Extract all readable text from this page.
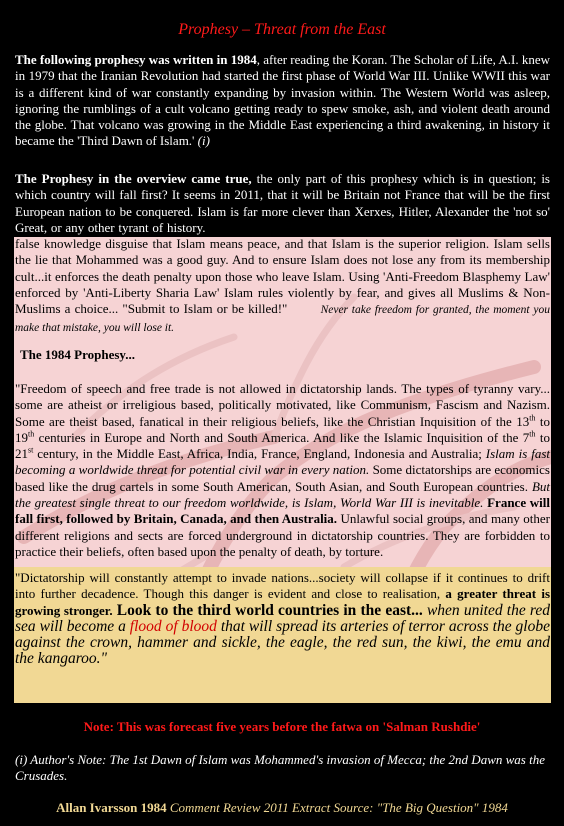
Prophesy – Threat from the East
The following prophesy was written in 1984, after reading the Koran. The Scholar of Life, A.I. knew in 1979 that the Iranian Revolution had started the first phase of World War III. Unlike WWII this war is a different kind of war constantly expanding by invasion within. The Western World was asleep, ignoring the rumblings of a cult volcano getting ready to spew smoke, ash, and violent death around the globe. That volcano was growing in the Middle East experiencing a third awakening, in history it became the 'Third Dawn of Islam.' (i)
The Prophesy in the overview came true, the only part of this prophesy which is in question; is which country will fall first? It seems in 2011, that it will be Britain not France that will be the first European nation to be conquered. Islam is far more clever than Xerxes, Hitler, Alexander the 'not so' Great, or any other tyrant of history. The reason this is true...is because Islam is two-faced; it uses the false knowledge disguise that Islam means peace, and that Islam is the superior religion. Islam sells the lie that Mohammed was a good guy. And to ensure Islam does not lose any from its membership cult...it enforces the death penalty upon those who leave Islam. Using 'Anti-Freedom Blasphemy Law' enforced by 'Anti-Liberty Sharia Law' Islam rules violently by fear, and gives all Muslims & Non-Muslims a choice... "Submit to Islam or be killed!"	Never take freedom for granted, the moment you make that mistake, you will lose it.
The 1984 Prophesy...
"Freedom of speech and free trade is not allowed in dictatorship lands. The types of tyranny vary... some are atheist or irreligious based, politically motivated, like Communism, Fascism and Nazism. Some are theist based, fanatical in their religious beliefs, like the Christian Inquisition of the 13th to 19th centuries in Europe and North and South America. And like the Islamic Inquisition of the 7th to 21st century, in the Middle East, Africa, India, France, England, Indonesia and Australia; Islam is fast becoming a worldwide threat for potential civil war in every nation. Some dictatorships are economics based like the drug cartels in some South American, South Asian, and South European countries. But the greatest single threat to our freedom worldwide, is Islam, World War III is inevitable. France will fall first, followed by Britain, Canada, and then Australia. Unlawful social groups, and many other different religions and sects are forced underground in dictatorship countries. They are forbidden to practice their beliefs, often based upon the penalty of death, by torture.
"Dictatorship will constantly attempt to invade nations...society will collapse if it continues to drift into further decadence. Though this danger is evident and close to realisation, a greater threat is growing stronger. Look to the third world countries in the east... when united the red sea will become a flood of blood that will spread its arteries of terror across the globe against the crown, hammer and sickle, the eagle, the red sun, the kiwi, the emu and the kangaroo."
Note: This was forecast five years before the fatwa on 'Salman Rushdie'
(i) Author's Note: The 1st Dawn of Islam was Mohammed's invasion of Mecca; the 2nd Dawn was the Crusades.
Allan Ivarsson 1984 Comment Review 2011 Extract Source: "The Big Question" 1984
